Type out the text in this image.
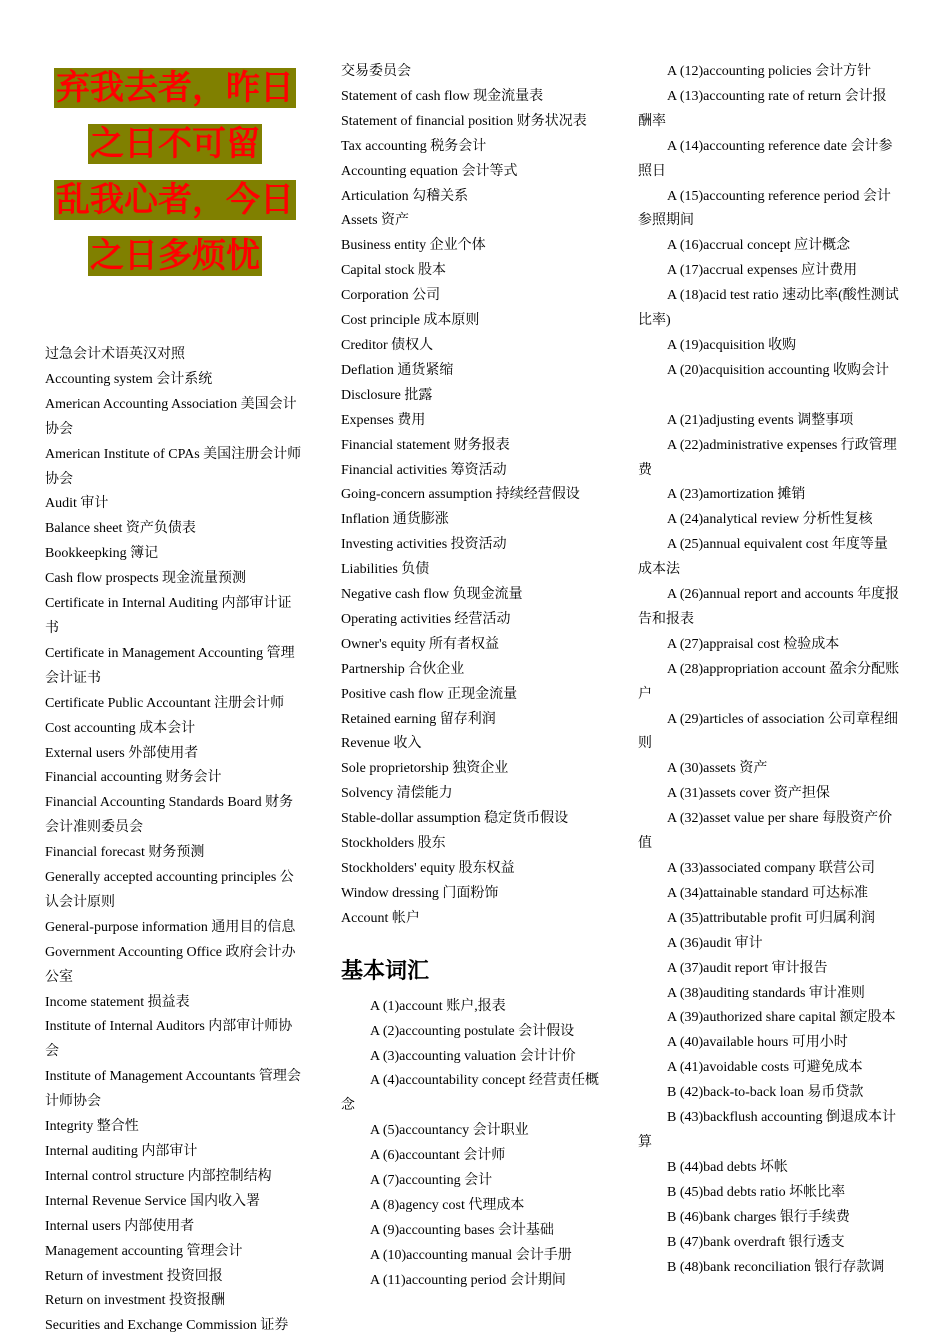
弃我去者，昨日
之日不可留
乱我心者，今日
之日多烦忧

过急会计术语英汉对照

Accounting system 会计系统

American Accounting Association 美国会计协会

American Institute of CPAs 美国注册会计师协会

Audit 审计

Balance sheet 资产负债表

Bookkeepking 簿记

Cash flow prospects 现金流量预测

Certificate in Internal Auditing 内部审计证书

Certificate in Management Accounting 管理会计证书

Certificate Public Accountant 注册会计师

Cost accounting 成本会计

External users 外部使用者

Financial accounting 财务会计

Financial Accounting Standards Board 财务会计准则委员会

Financial forecast 财务预测

Generally accepted accounting principles 公认会计原则

General-purpose information 通用目的信息

Government Accounting Office 政府会计办公室

Income statement 损益表

Institute of Internal Auditors 内部审计师协会

Institute of Management Accountants 管理会计师协会

Integrity 整合性

Internal auditing 内部审计

Internal control structure 内部控制结构

Internal Revenue Service 国内收入署

Internal users 内部使用者

Management accounting 管理会计

Return of investment 投资回报

Return on investment 投资报酬

Securities and Exchange Commission 证券

交易委员会

Statement of cash flow 现金流量表

Statement of financial position 财务状况表

Tax accounting 税务会计

Accounting equation 会计等式

Articulation 勾稽关系

Assets 资产

Business entity 企业个体

Capital stock 股本

Corporation 公司

Cost principle 成本原则

Creditor 债权人

Deflation 通货紧缩

Disclosure 批露

Expenses 费用

Financial statement 财务报表

Financial activities 筹资活动

Going-concern assumption 持续经营假设

Inflation 通货膨涨

Investing activities 投资活动

Liabilities 负债

Negative cash flow 负现金流量

Operating activities 经营活动

Owner's equity 所有者权益

Partnership 合伙企业

Positive cash flow 正现金流量

Retained earning 留存利润

Revenue 收入

Sole proprietorship 独资企业

Solvency 清偿能力

Stable-dollar assumption 稳定货币假设

Stockholders 股东

Stockholders' equity 股东权益

Window dressing 门面粉饰

Account 帐户

基本词汇

A (1)account 账户,报表

A (2)accounting postulate 会计假设

A (3)accounting valuation 会计计价

A (4)accountability concept 经营责任概念

A (5)accountancy 会计职业

A (6)accountant 会计师

A (7)accounting 会计

A (8)agency cost 代理成本

A (9)accounting bases 会计基础

A (10)accounting manual 会计手册

A (11)accounting period 会计期间

A (12)accounting policies 会计方针

A (13)accounting rate of return 会计报酬率

A (14)accounting reference date 会计参照日

A (15)accounting reference period 会计参照期间

A (16)accrual concept 应计概念

A (17)accrual expenses 应计费用

A (18)acid test ratio 速动比率(酸性测试比率)

A (19)acquisition 收购

A (20)acquisition accounting 收购会计

A (21)adjusting events 调整事项

A (22)administrative expenses 行政管理费

A (23)amortization 摊销

A (24)analytical review 分析性复核

A (25)annual equivalent cost 年度等量成本法

A (26)annual report and accounts 年度报告和报表

A (27)appraisal cost 检验成本

A (28)appropriation account 盈余分配账户

A (29)articles of association 公司章程细则

A (30)assets 资产

A (31)assets cover 资产担保

A (32)asset value per share 每股资产价值

A (33)associated company 联营公司

A (34)attainable standard 可达标准

A (35)attributable profit 可归属利润

A (36)audit 审计

A (37)audit report 审计报告

A (38)auditing standards 审计准则

A (39)authorized share capital 额定股本

A (40)available hours 可用小时

A (41)avoidable costs 可避免成本

B (42)back-to-back loan 易币贷款

B (43)backflush accounting 倒退成本计算

B (44)bad debts 坏帐

B (45)bad debts ratio 坏帐比率

B (46)bank charges 银行手续费

B (47)bank overdraft 银行透支

B (48)bank reconciliation 银行存款调
